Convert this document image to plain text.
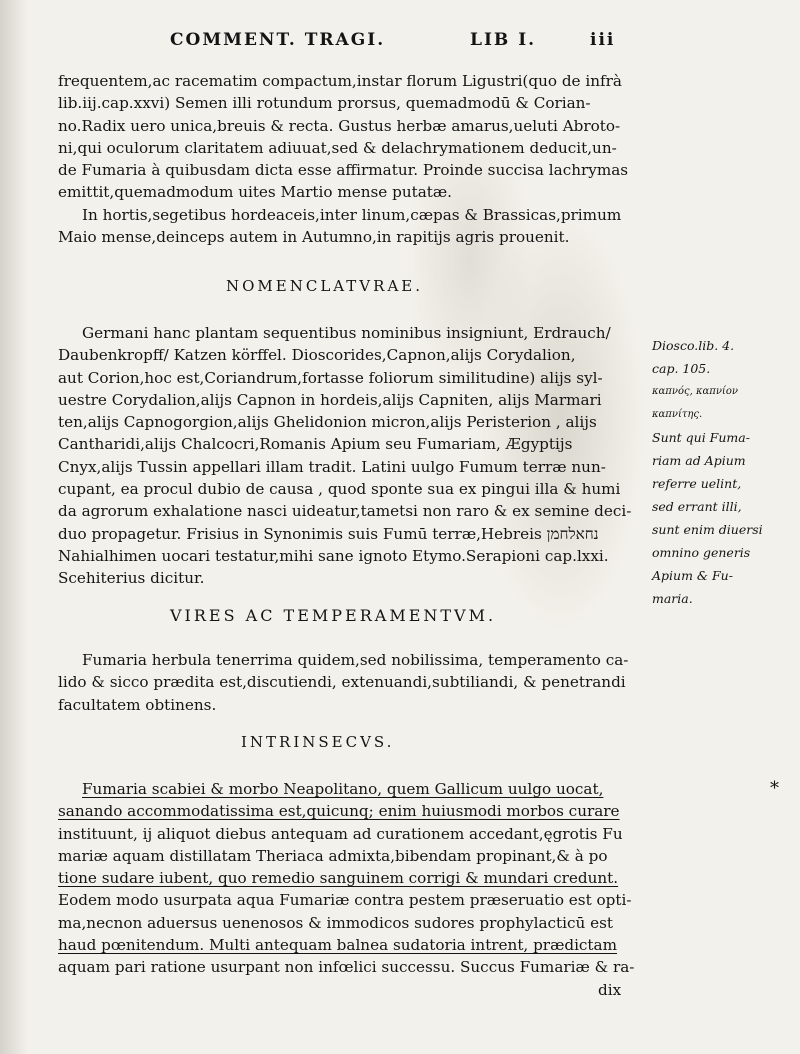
COMMENT. TRAGI.	LIB I.	iii
frequentem,ac racematim compactum,instar florum Ligustri(quo de infrà
lib.iij.cap.xxvi) Semen illi rotundum prorsus, quemadmodū & Corian-
no.Radix uero unica,breuis & recta. Gustus herbæ amarus,ueluti Abroto-
ni,qui oculorum claritatem adiuuat,sed & delachrymationem deducit,un-
de Fumaria à quibusdam dicta esse affirmatur. Proinde succisa lachrymas
emittit,quemadmodum uites Martio mense putatæ.
In hortis,segetibus hordeaceis,inter linum,cæpas & Brassicas,primum
Maio mense,deinceps autem in Autumno,in rapitijs agris prouenit.
NOMENCLATVRAE.
Germani hanc plantam sequentibus nominibus insigniunt, Erdrauch/
Daubenkropff/ Katzen körffel. Dioscorides,Capnon,alijs Corydalion,
aut Corion,hoc est,Coriandrum,fortasse foliorum similitudine) alijs syl-
uestre Corydalion,alijs Capnon in hordeis,alijs Capniten, alijs Marmari
ten,alijs Capnogorgion,alijs Ghelidonion micron,alijs Peristerion , alijs
Cantharidi,alijs Chalcocri,Romanis Apium seu Fumariam, Ægyptijs
Cnyx,alijs Tussin appellari illam tradit. Latini uulgo Fumum terræ nun-
cupant, ea procul dubio de causa , quod sponte sua ex pingui illa & humi
da agrorum exhalatione nasci uideatur,tametsi non raro & ex semine deci-
duo propagetur. Frisius in Synonimis suis Fumū terræ,Hebreis נחאלחמן
Nahialhimen uocari testatur,mihi sane ignoto Etymo.Serapioni cap.lxxi.
Scehiterius dicitur.
Diosco.lib. 4.
cap. 105.
καπνός, καπνίον
καπνίτης.
Sunt qui Fuma-
riam ad Apium
referre uelint,
sed errant illi,
sunt enim diuersi
omnino generis
Apium & Fu-
maria.
VIRES AC TEMPERAMENTVM.
Fumaria herbula tenerrima quidem,sed nobilissima, temperamento ca-
lido & sicco prædita est,discutiendi, extenuandi,subtiliandi, & penetrandi
facultatem obtinens.
INTRINSECVS.
Fumaria scabiei & morbo Neapolitano, quem Gallicum uulgo uocat,
sanando accommodatissima est,quicunq; enim huiusmodi morbos curare
instituunt, ij aliquot diebus antequam ad curationem accedant,ęgrotis Fu
mariæ aquam distillatam Theriaca admixta,bibendam propinant,& à po
tione sudare iubent, quo remedio sanguinem corrigi & mundari credunt.
Eodem modo usurpata aqua Fumariæ contra pestem præseruatio est opti-
ma,necnon aduersus uenenosos & immodicos sudores prophylacticū est
haud pœnitendum. Multi antequam balnea sudatoria intrent, prædictam
aquam pari ratione usurpant non infœlici successu. Succus Fumariæ & ra-
*
dix
